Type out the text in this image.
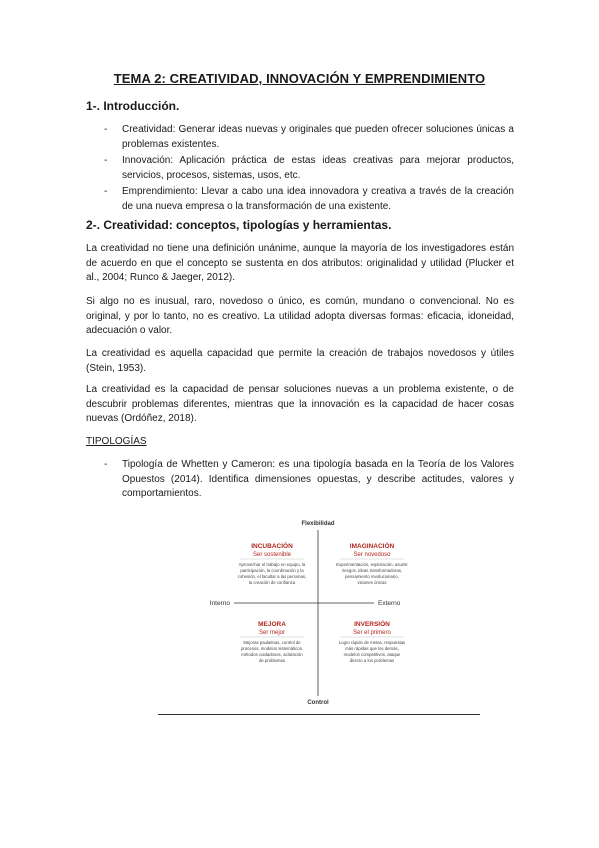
TEMA 2: CREATIVIDAD, INNOVACIÓN Y EMPRENDIMIENTO
1-. Introducción.
- Creatividad: Generar ideas nuevas y originales que pueden ofrecer soluciones únicas a problemas existentes.
- Innovación: Aplicación práctica de estas ideas creativas para mejorar productos, servicios, procesos, sistemas, usos, etc.
- Emprendimiento: Llevar a cabo una idea innovadora y creativa a través de la creación de una nueva empresa o la transformación de una existente.
2-. Creatividad: conceptos, tipologías y herramientas.

La creatividad no tiene una definición unánime, aunque la mayoría de los investigadores están de acuerdo en que el concepto se sustenta en dos atributos: originalidad y utilidad (Plucker et al., 2004; Runco & Jaeger, 2012).

Si algo no es inusual, raro, novedoso o único, es común, mundano o convencional. No es original, y por lo tanto, no es creativo. La utilidad adopta diversas formas: eficacia, idoneidad, adecuación o valor.

La creatividad es aquella capacidad que permite la creación de trabajos novedosos y útiles (Stein, 1953).

La creatividad es la capacidad de pensar soluciones nuevas a un problema existente, o de descubrir problemas diferentes, mientras que la innovación es la capacidad de hacer cosas nuevas (Ordóñez, 2018).

TIPOLOGÍAS
- Tipología de Whetten y Cameron: es una tipología basada en la Teoría de los Valores Opuestos (2014). Identifica dimensiones opuestas, y describe actitudes, valores y comportamientos.
Flexibilidad
Control
Interno	Externo
INCUBACIÓN
Ser sostenible
Aprovechar el trabajo en equipo, la
participación, la coordinación y la
cohesión, el facultar a las personas,
la creación de confianza
IMAGINACIÓN
Ser novedoso
Experimentación, exploración, asumir
riesgos, ideas transformadoras,
pensamiento revolucionario,
visiones únicas
MEJORA
Ser mejor
Mejoras paulatinas, control de
procesos, modelos sistemáticos,
métodos cuidadosos, aclaración
de problemas
INVERSIÓN
Ser el primero
Logro rápido de metas, respuestas
más rápidas que los demás,
modelos competitivos, ataque
directo a los problemas
